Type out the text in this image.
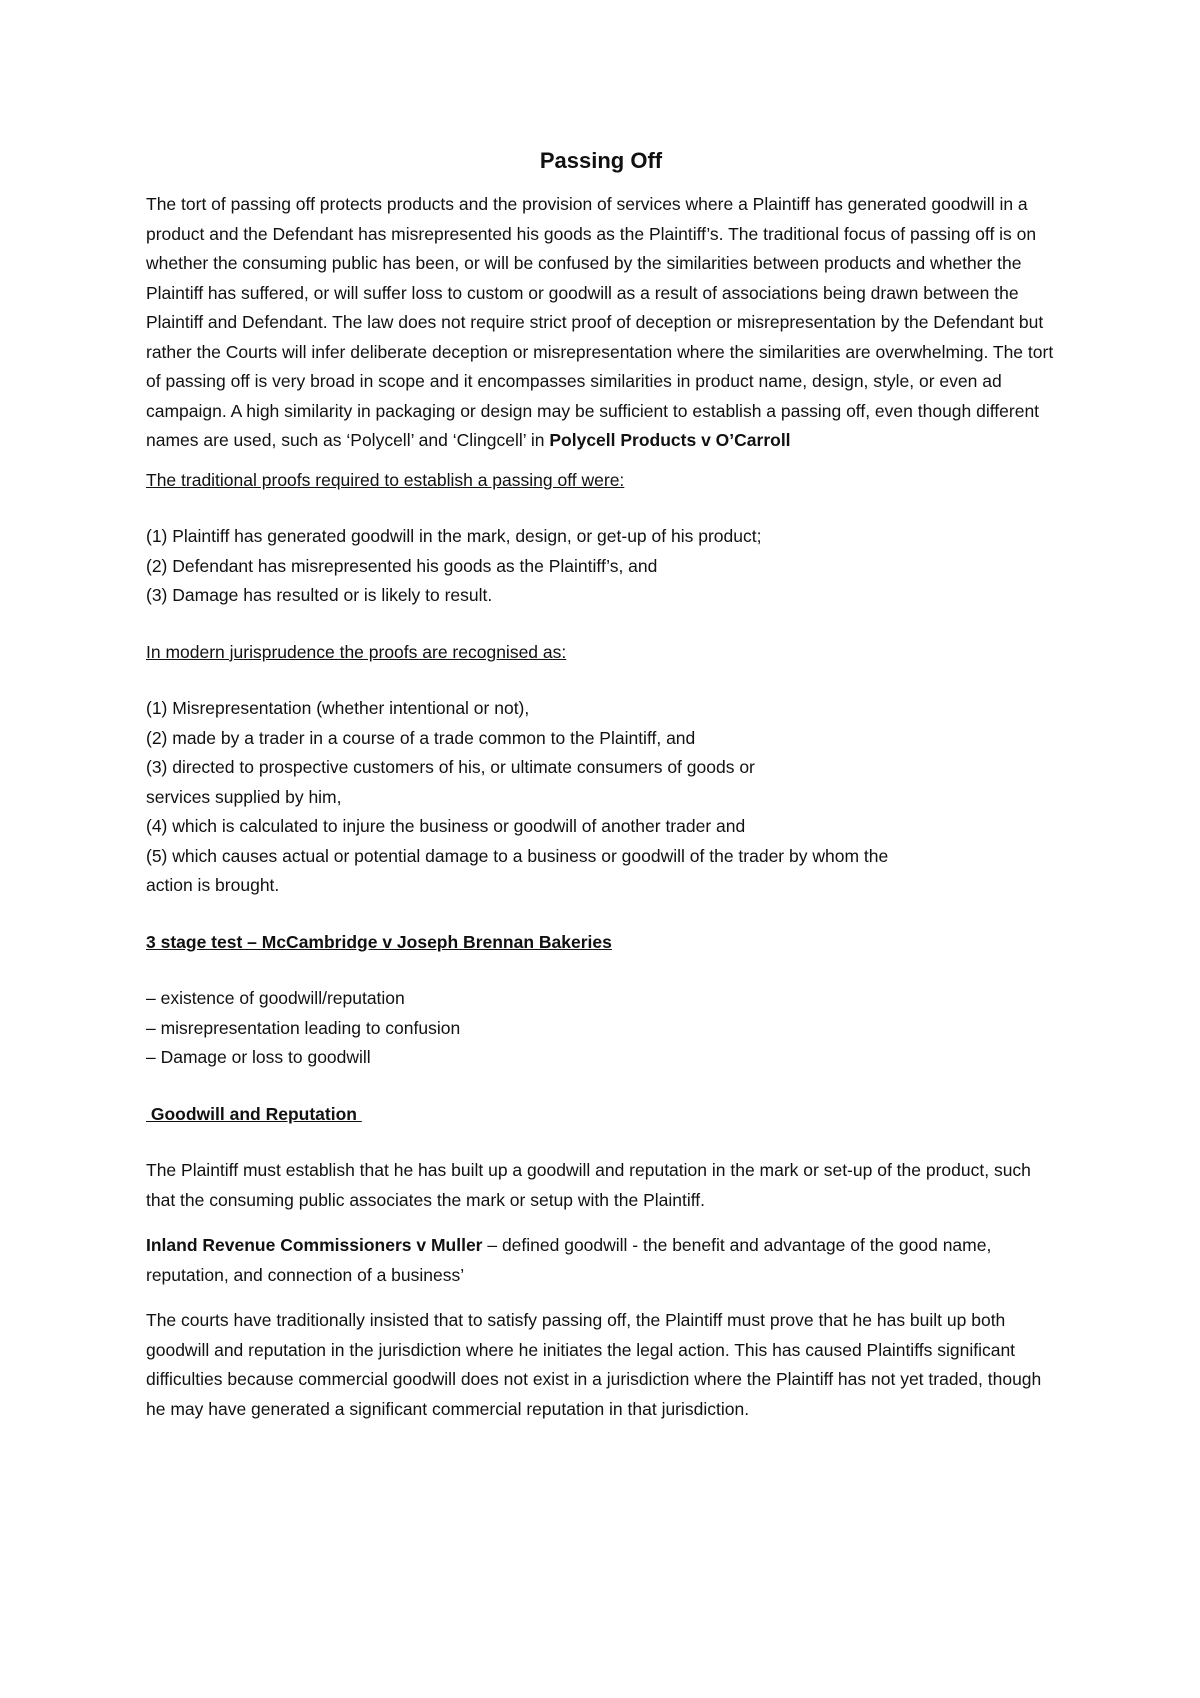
Passing Off

The tort of passing off protects products and the provision of services where a Plaintiff has generated goodwill in a product and the Defendant has misrepresented his goods as the Plaintiff’s. The traditional focus of passing off is on whether the consuming public has been, or will be confused by the similarities between products and whether the Plaintiff has suffered, or will suffer loss to custom or goodwill as a result of associations being drawn between the Plaintiff and Defendant. The law does not require strict proof of deception or misrepresentation by the Defendant but rather the Courts will infer deliberate deception or misrepresentation where the similarities are overwhelming. The tort of passing off is very broad in scope and it encompasses similarities in product name, design, style, or even ad campaign. A high similarity in packaging or design may be sufficient to establish a passing off, even though different names are used, such as ‘Polycell’ and ‘Clingcell’ in Polycell Products v O’Carroll

The traditional proofs required to establish a passing off were:

(1) Plaintiff has generated goodwill in the mark, design, or get-up of his product;
(2) Defendant has misrepresented his goods as the Plaintiff’s, and
(3) Damage has resulted or is likely to result.

In modern jurisprudence the proofs are recognised as:

(1) Misrepresentation (whether intentional or not),
(2) made by a trader in a course of a trade common to the Plaintiff, and
(3) directed to prospective customers of his, or ultimate consumers of goods or
services supplied by him,
(4) which is calculated to injure the business or goodwill of another trader and
(5) which causes actual or potential damage to a business or goodwill of the trader by whom the
action is brought.

3 stage test – McCambridge v Joseph Brennan Bakeries

– existence of goodwill/reputation
– misrepresentation leading to confusion
– Damage or loss to goodwill

Goodwill and Reputation

The Plaintiff must establish that he has built up a goodwill and reputation in the mark or set-up of the product, such that the consuming public associates the mark or setup with the Plaintiff.

Inland Revenue Commissioners v Muller – defined goodwill - the benefit and advantage of the good name, reputation, and connection of a business’

The courts have traditionally insisted that to satisfy passing off, the Plaintiff must prove that he has built up both goodwill and reputation in the jurisdiction where he initiates the legal action. This has caused Plaintiffs significant difficulties because commercial goodwill does not exist in a jurisdiction where the Plaintiff has not yet traded, though he may have generated a significant commercial reputation in that jurisdiction.
